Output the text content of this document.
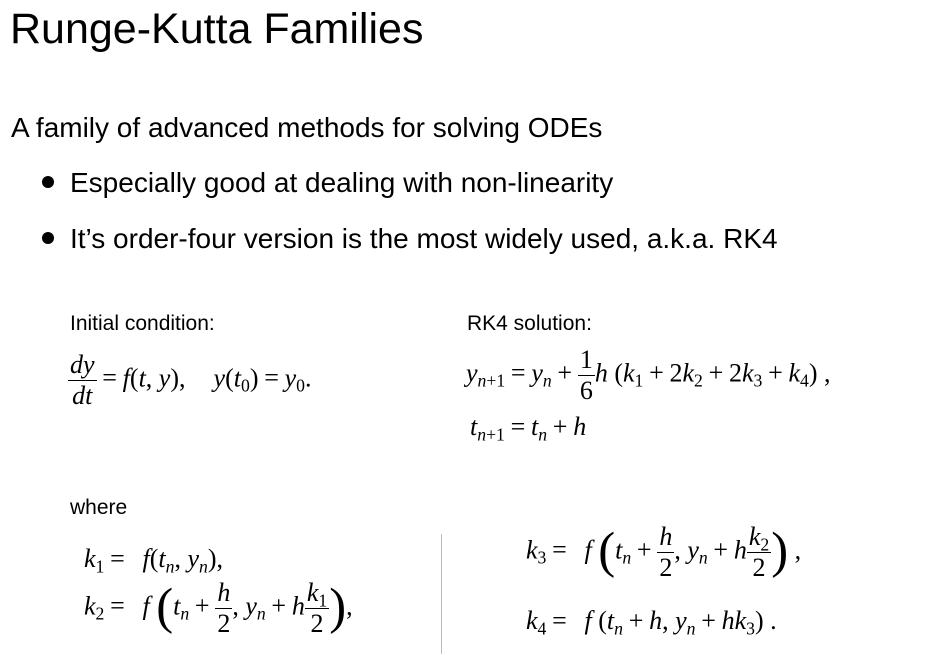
Runge-Kutta Families
A family of advanced methods for solving ODEs
Especially good at dealing with non-linearity
It’s order-four version is the most widely used, a.k.a. RK4
Initial condition:	RK4 solution:
$\frac{dy}{dt} = f(t$, y), $y(t_0) = y_0$.	$y_{n+1} = y_n + \frac{1}{6}$ h $(k_1 + 2k_2 + 2k_3 + k_4)$ ,
$t_{n+1} = t_n + h$
where
$k_1 = f(t_n$, $y_n$),
$k_2 = f$ ($t_n + \frac{h}{2}$ , $y_n + h \frac{k_1}{2}$ ),
$k_3 = f$ ($t_n + \frac{h}{2}$ , $y_n + h \frac{k_2}{2}$ ) ,
$k_4 = f$ ($t_n + h$, $y_n + hk_3$) .
